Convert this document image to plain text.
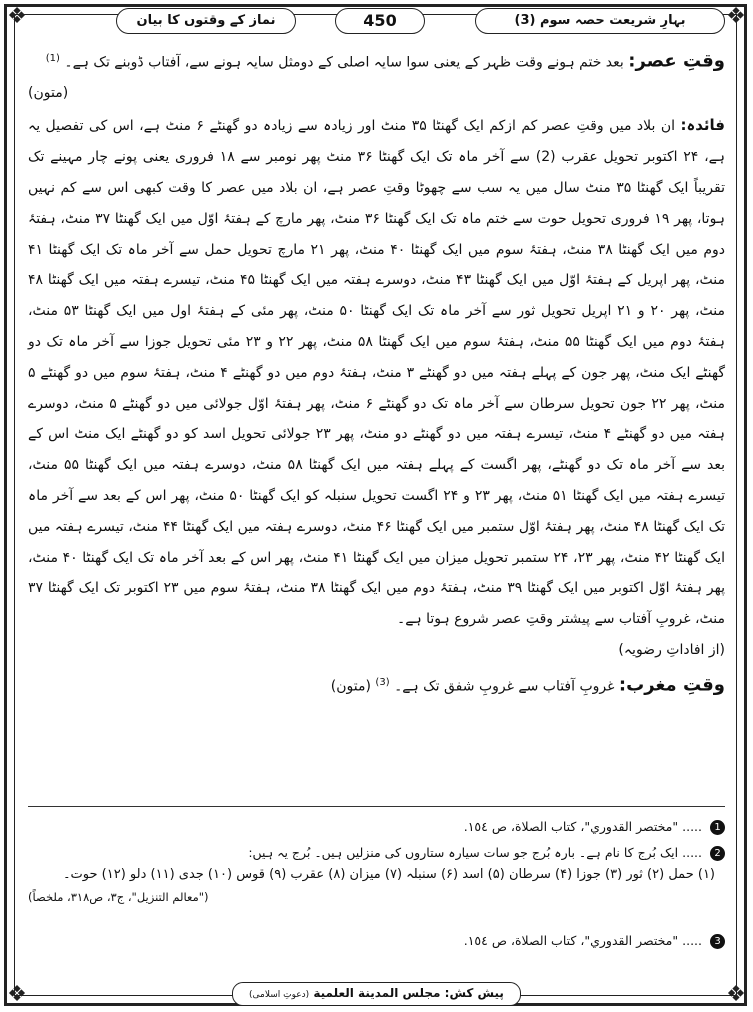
❖	❖
❖	❖
بہارِ شریعت حصہ سوم (3)
450
نماز کے وقتوں کا بیان

وقتِ عصر: بعد ختم ہونے وقت ظہر کے یعنی سوا سایہ اصلی کے دومثل سایہ ہونے سے، آفتاب ڈوبنے تک ہے۔ $^{(1)}$

(متون)

فائدہ: ان بلاد میں وقتِ عصر کم ازکم ایک گھنٹا ۳۵ منٹ اور زیادہ سے زیادہ دو گھنٹے ۶ منٹ ہے، اس کی تفصیل یہ ہے، ۲۴ اکتوبر تحویل عقرب (2) سے آخر ماہ تک ایک گھنٹا ۳۶ منٹ پھر نومبر سے ۱۸ فروری یعنی پونے چار مہینے تک تقریباً ایک گھنٹا ۳۵ منٹ سال میں یہ سب سے چھوٹا وقتِ عصر ہے، ان بلاد میں عصر کا وقت کبھی اس سے کم نہیں ہوتا، پھر ۱۹ فروری تحویل حوت سے ختم ماہ تک ایک گھنٹا ۳۶ منٹ، پھر مارچ کے ہفتۂ اوّل میں ایک گھنٹا ۳۷ منٹ، ہفتۂ دوم میں ایک گھنٹا ۳۸ منٹ، ہفتۂ سوم میں ایک گھنٹا ۴۰ منٹ، پھر ۲۱ مارچ تحویل حمل سے آخر ماہ تک ایک گھنٹا ۴۱ منٹ، پھر اپریل کے ہفتۂ اوّل میں ایک گھنٹا ۴۳ منٹ، دوسرے ہفتہ میں ایک گھنٹا ۴۵ منٹ، تیسرے ہفتہ میں ایک گھنٹا ۴۸ منٹ، پھر ۲۰ و ۲۱ اپریل تحویل ثور سے آخر ماہ تک ایک گھنٹا ۵۰ منٹ، پھر مئی کے ہفتۂ اول میں ایک گھنٹا ۵۳ منٹ، ہفتۂ دوم میں ایک گھنٹا ۵۵ منٹ، ہفتۂ سوم میں ایک گھنٹا ۵۸ منٹ، پھر ۲۲ و ۲۳ مئی تحویل جوزا سے آخر ماہ تک دو گھنٹے ایک منٹ، پھر جون کے پہلے ہفتہ میں دو گھنٹے ۳ منٹ، ہفتۂ دوم میں دو گھنٹے ۴ منٹ، ہفتۂ سوم میں دو گھنٹے ۵ منٹ، پھر ۲۲ جون تحویل سرطان سے آخر ماہ تک دو گھنٹے ۶ منٹ، پھر ہفتۂ اوّل جولائی میں دو گھنٹے ۵ منٹ، دوسرے ہفتہ میں دو گھنٹے ۴ منٹ، تیسرے ہفتہ میں دو گھنٹے دو منٹ، پھر ۲۳ جولائی تحویل اسد کو دو گھنٹے ایک منٹ اس کے بعد سے آخر ماہ تک دو گھنٹے، پھر اگست کے پہلے ہفتہ میں ایک گھنٹا ۵۸ منٹ، دوسرے ہفتہ میں ایک گھنٹا ۵۵ منٹ، تیسرے ہفتہ میں ایک گھنٹا ۵۱ منٹ، پھر ۲۳ و ۲۴ اگست تحویل سنبلہ کو ایک گھنٹا ۵۰ منٹ، پھر اس کے بعد سے آخر ماہ تک ایک گھنٹا ۴۸ منٹ، پھر ہفتۂ اوّل ستمبر میں ایک گھنٹا ۴۶ منٹ، دوسرے ہفتہ میں ایک گھنٹا ۴۴ منٹ، تیسرے ہفتہ میں ایک گھنٹا ۴۲ منٹ، پھر ۲۳، ۲۴ ستمبر تحویل میزان میں ایک گھنٹا ۴۱ منٹ، پھر اس کے بعد آخر ماہ تک ایک گھنٹا ۴۰ منٹ، پھر ہفتۂ اوّل اکتوبر میں ایک گھنٹا ۳۹ منٹ، ہفتۂ دوم میں ایک گھنٹا ۳۸ منٹ، ہفتۂ سوم میں ۲۳ اکتوبر تک ایک گھنٹا ۳۷ منٹ، غروبِ آفتاب سے پیشتر وقتِ عصر شروع ہوتا ہے۔

(از افاداتِ رضویہ)

وقتِ مغرب: غروبِ آفتاب سے غروبِ شفق تک ہے۔ $^{(3)}$ (متون)

1..... "مختصر القدوري"، كتاب الصلاة، ص ١٥٤.
2..... ایک بُرج کا نام ہے۔ بارہ بُرج جو سات سیارہ ستاروں کی منزلیں ہیں۔ بُرج یہ ہیں:
(۱) حمل (۲) ثور (۳) جوزا (۴) سرطان (۵) اسد (۶) سنبلہ (۷) میزان (۸) عقرب (۹) قوس (۱۰) جدی (۱۱) دلو (۱۲) حوت۔
("معالم التنزيل"، ج٣، ص٣١٨، ملخصاً)
3..... "مختصر القدوري"، كتاب الصلاة، ص ١٥٤.
پیش کش: مجلس المدينة العلمية (دعوتِ اسلامی)
